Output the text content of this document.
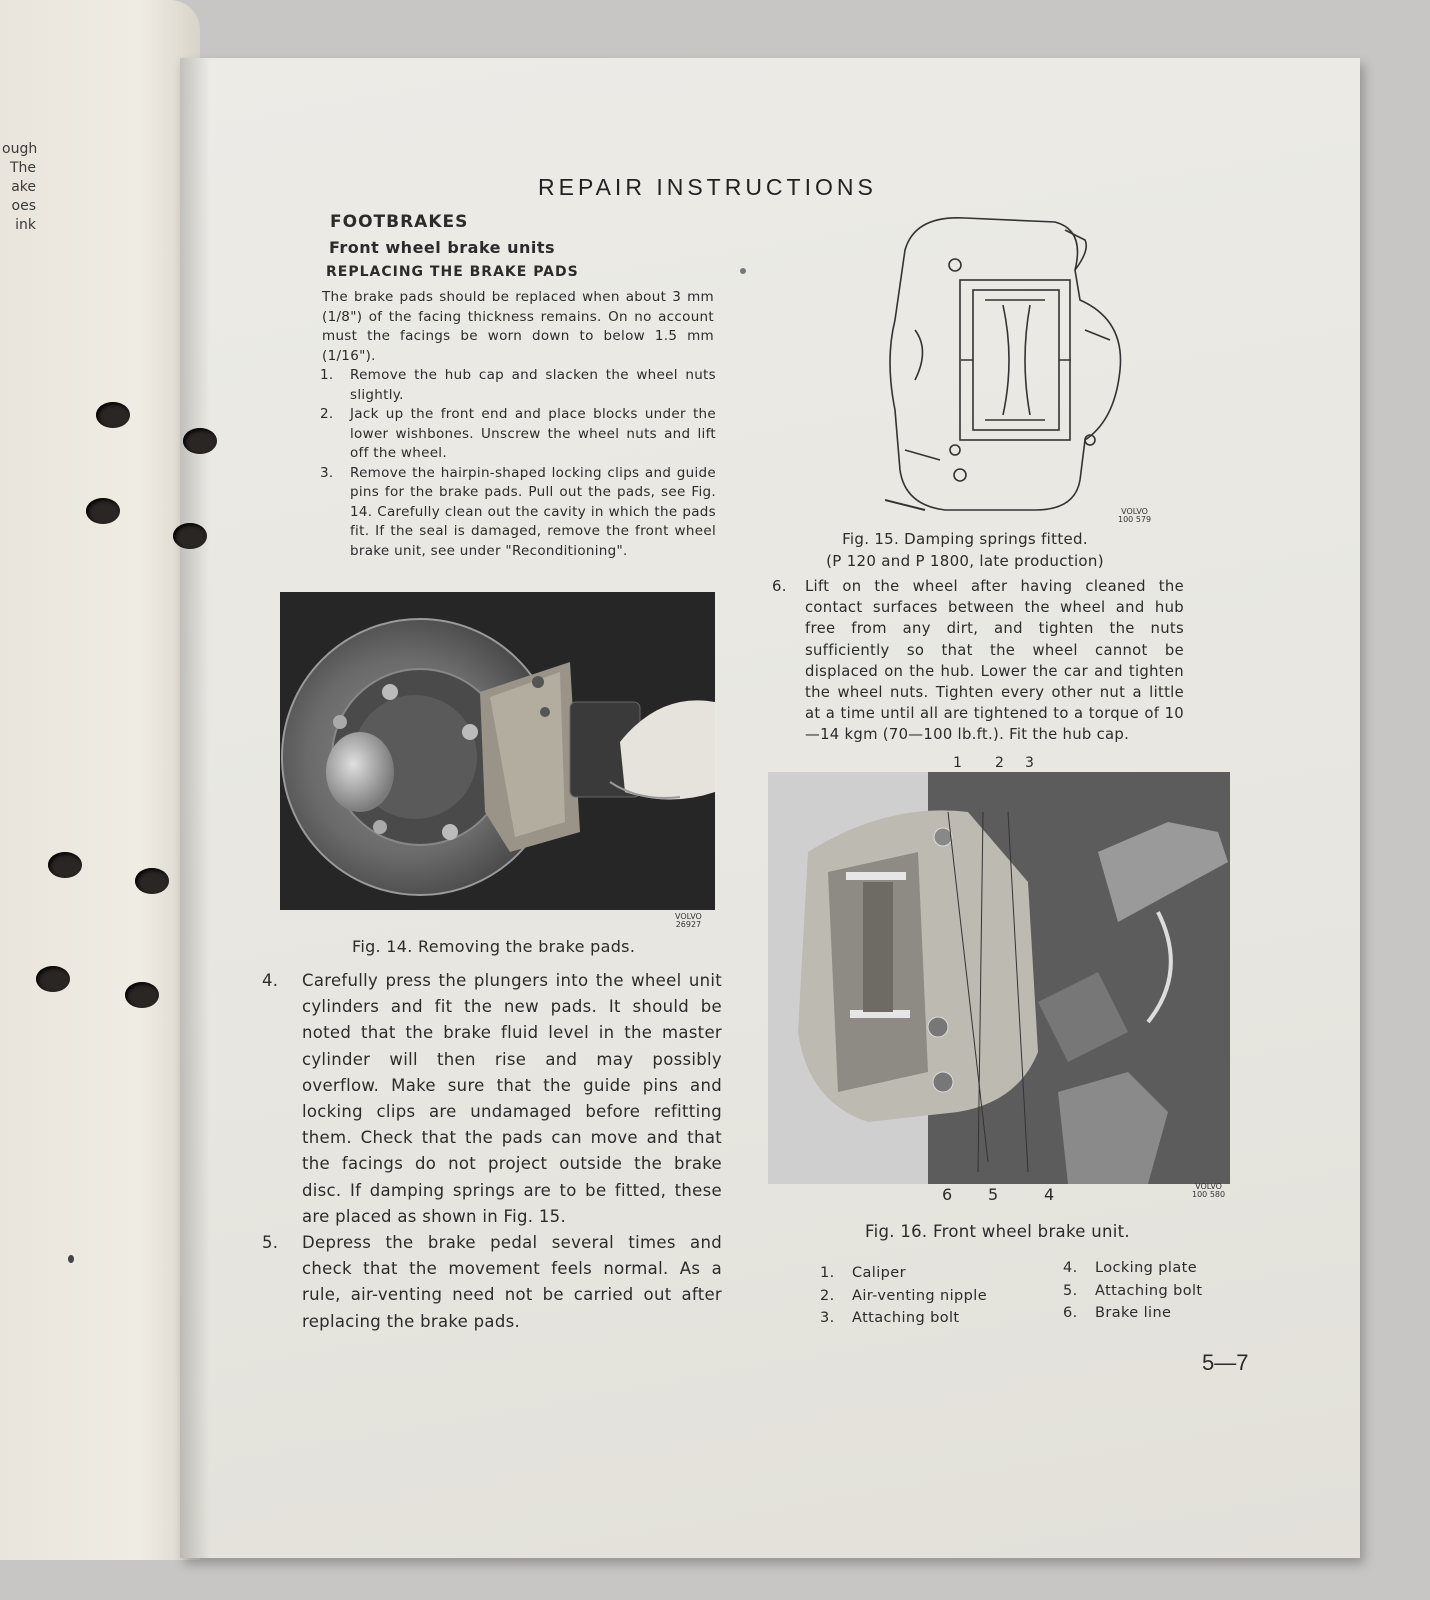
ough
The
ake
oes
ink
REPAIR INSTRUCTIONS
FOOTBRAKES
Front wheel brake units
REPLACING THE BRAKE PADS
The brake pads should be replaced when about 3 mm (1/8") of the facing thickness remains. On no account must the facings be worn down to below 1.5 mm (1/16").
1.	Remove the hub cap and slacken the wheel nuts slightly.
2.	Jack up the front end and place blocks under the lower wishbones. Unscrew the wheel nuts and lift off the wheel.
3.	Remove the hairpin-shaped locking clips and guide pins for the brake pads. Pull out the pads, see Fig. 14. Carefully clean out the cavity in which the pads fit. If the seal is damaged, remove the front wheel brake unit, see under "Reconditioning".
VOLVO
26927
Fig. 14. Removing the brake pads.
4.	Carefully press the plungers into the wheel unit cylinders and fit the new pads. It should be noted that the brake fluid level in the master cylinder will then rise and may possibly overflow. Make sure that the guide pins and locking clips are undamaged before refitting them. Check that the pads can move and that the facings do not project outside the brake disc. If damping springs are to be fitted, these are placed as shown in Fig. 15.
5.	Depress the brake pedal several times and check that the movement feels normal. As a rule, air-venting need not be carried out after replacing the brake pads.
VOLVO
100 579
Fig. 15. Damping springs fitted.
(P 120 and P 1800, late production)
6.	Lift on the wheel after having cleaned the contact surfaces between the wheel and hub free from any dirt, and tighten the nuts sufficiently so that the wheel cannot be displaced on the hub. Lower the car and tighten the wheel nuts. Tighten every other nut a little at a time until all are tightened to a torque of 10—14 kgm (70—100 lb.ft.). Fit the hub cap.
1 2 3
6 5	4	VOLVO
100 580
Fig. 16. Front wheel brake unit.
1.	Caliper
2.	Air-venting nipple
3.	Attaching bolt
4.	Locking plate
5.	Attaching bolt
6.	Brake line
5—7
